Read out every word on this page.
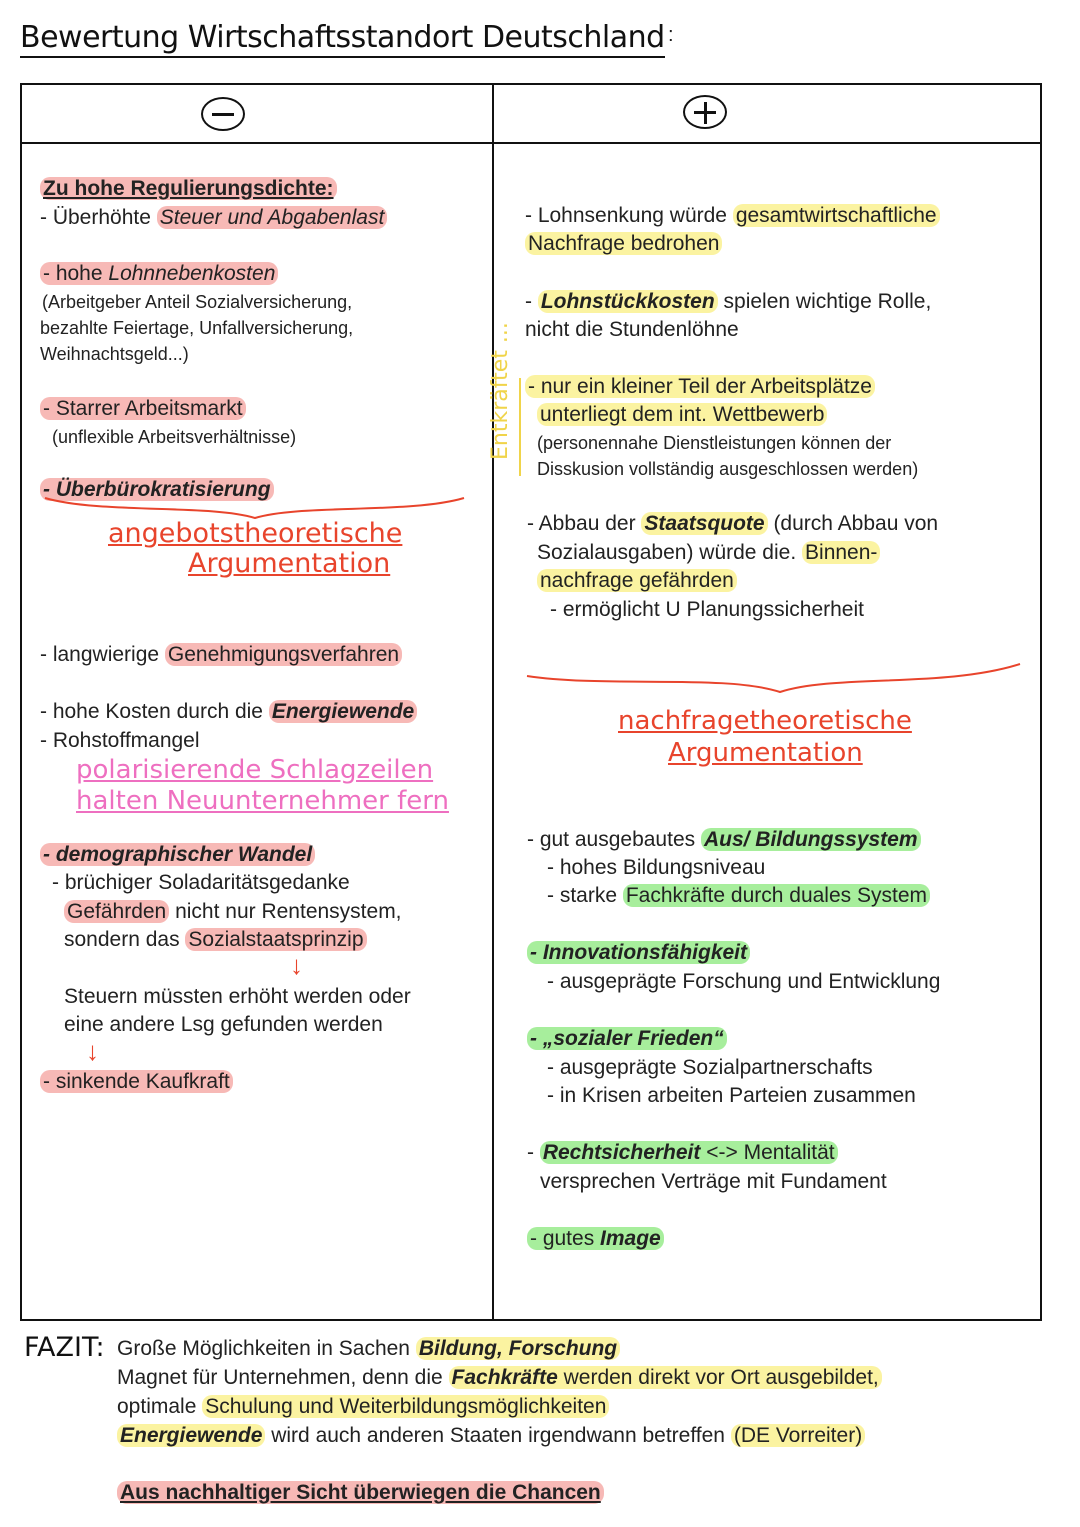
Bewertung Wirtschaftsstandort Deutschland :
Zu hohe Regulierungsdichte:
- Überhöhte Steuer und Abgabenlast
- hohe Lohnnebenkosten
(Arbeitgeber Anteil Sozialversicherung,
bezahlte Feiertage, Unfallversicherung,
Weihnachtsgeld...)
- Starrer Arbeitsmarkt
(unflexible Arbeitsverhältnisse)
- Überbürokratisierung
angebotstheoretische
Argumentation
- langwierige Genehmigungsverfahren
- hohe Kosten durch die Energiewende
- Rohstoffmangel
polarisierende Schlagzeilen
halten Neuunternehmer fern
- demographischer Wandel
- brüchiger Soladaritätsgedanke
Gefährden nicht nur Rentensystem,
sondern das Sozialstaatsprinzip
↓
Steuern müssten erhöht werden oder
eine andere Lsg gefunden werden
↓
- sinkende Kaufkraft
- Lohnsenkung würde gesamtwirtschaftliche
Nachfrage bedrohen
- Lohnstückkosten spielen wichtige Rolle,
nicht die Stundenlöhne
Entkräftet ... - nur ein kleiner Teil der Arbeitsplätze
unterliegt dem int. Wettbewerb
(personennahe Dienstleistungen können der
Disskusion vollständig ausgeschlossen werden)
- Abbau der Staatsquote (durch Abbau von
Sozialausgaben) würde die. Binnen-
nachfrage gefährden
- ermöglicht U Planungssicherheit
nachfragetheoretische
Argumentation
- gut ausgebautes Aus/ Bildungssystem
- hohes Bildungsniveau
- starke Fachkräfte durch duales System
- Innovationsfähigkeit
- ausgeprägte Forschung und Entwicklung
- „sozialer Frieden“
- ausgeprägte Sozialpartnerschafts
- in Krisen arbeiten Parteien zusammen
- Rechtsicherheit <-> Mentalität
versprechen Verträge mit Fundament
- gutes Image
FAZIT: Große Möglichkeiten in Sachen Bildung, Forschung
Magnet für Unternehmen, denn die Fachkräfte werden direkt vor Ort ausgebildet,
optimale Schulung und Weiterbildungsmöglichkeiten
Energiewende wird auch anderen Staaten irgendwann betreffen (DE Vorreiter)
Aus nachhaltiger Sicht überwiegen die Chancen
